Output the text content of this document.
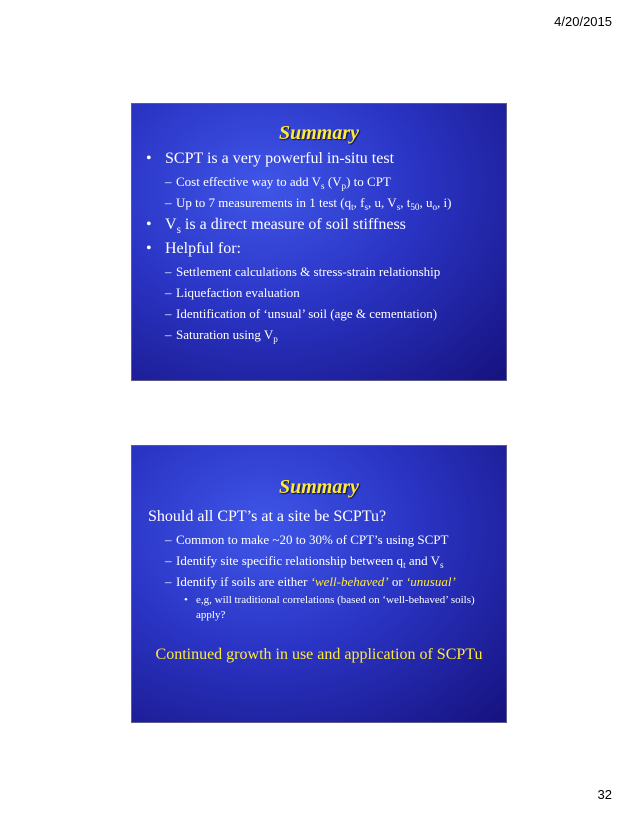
4/20/2015
Summary
• SCPT is a very powerful in-situ test
– Cost effective way to add $V_s$ $(V_p)$ to CPT
– Up to 7 measurements in 1 test ($q_t$, $f_s$, u, $V_s$, $t_{50}$, $u_o$, i)
• $V_s$ is a direct measure of soil stiffness
• Helpful for:
– Settlement calculations & stress-strain relationship
– Liquefaction evaluation
– Identification of ‘unsual’ soil (age & cementation)
– Saturation using $V_p$
Summary
Should all CPT’s at a site be SCPTu?
– Common to make ~20 to 30% of CPT’s using SCPT
– Identify site specific relationship between $q_t$ and $V_s$
– Identify if soils are either ‘well-behaved’ or ‘unusual’
• e,g, will traditional correlations (based on ‘well-behaved’ soils) apply?
Continued growth in use and application of SCPTu
32
